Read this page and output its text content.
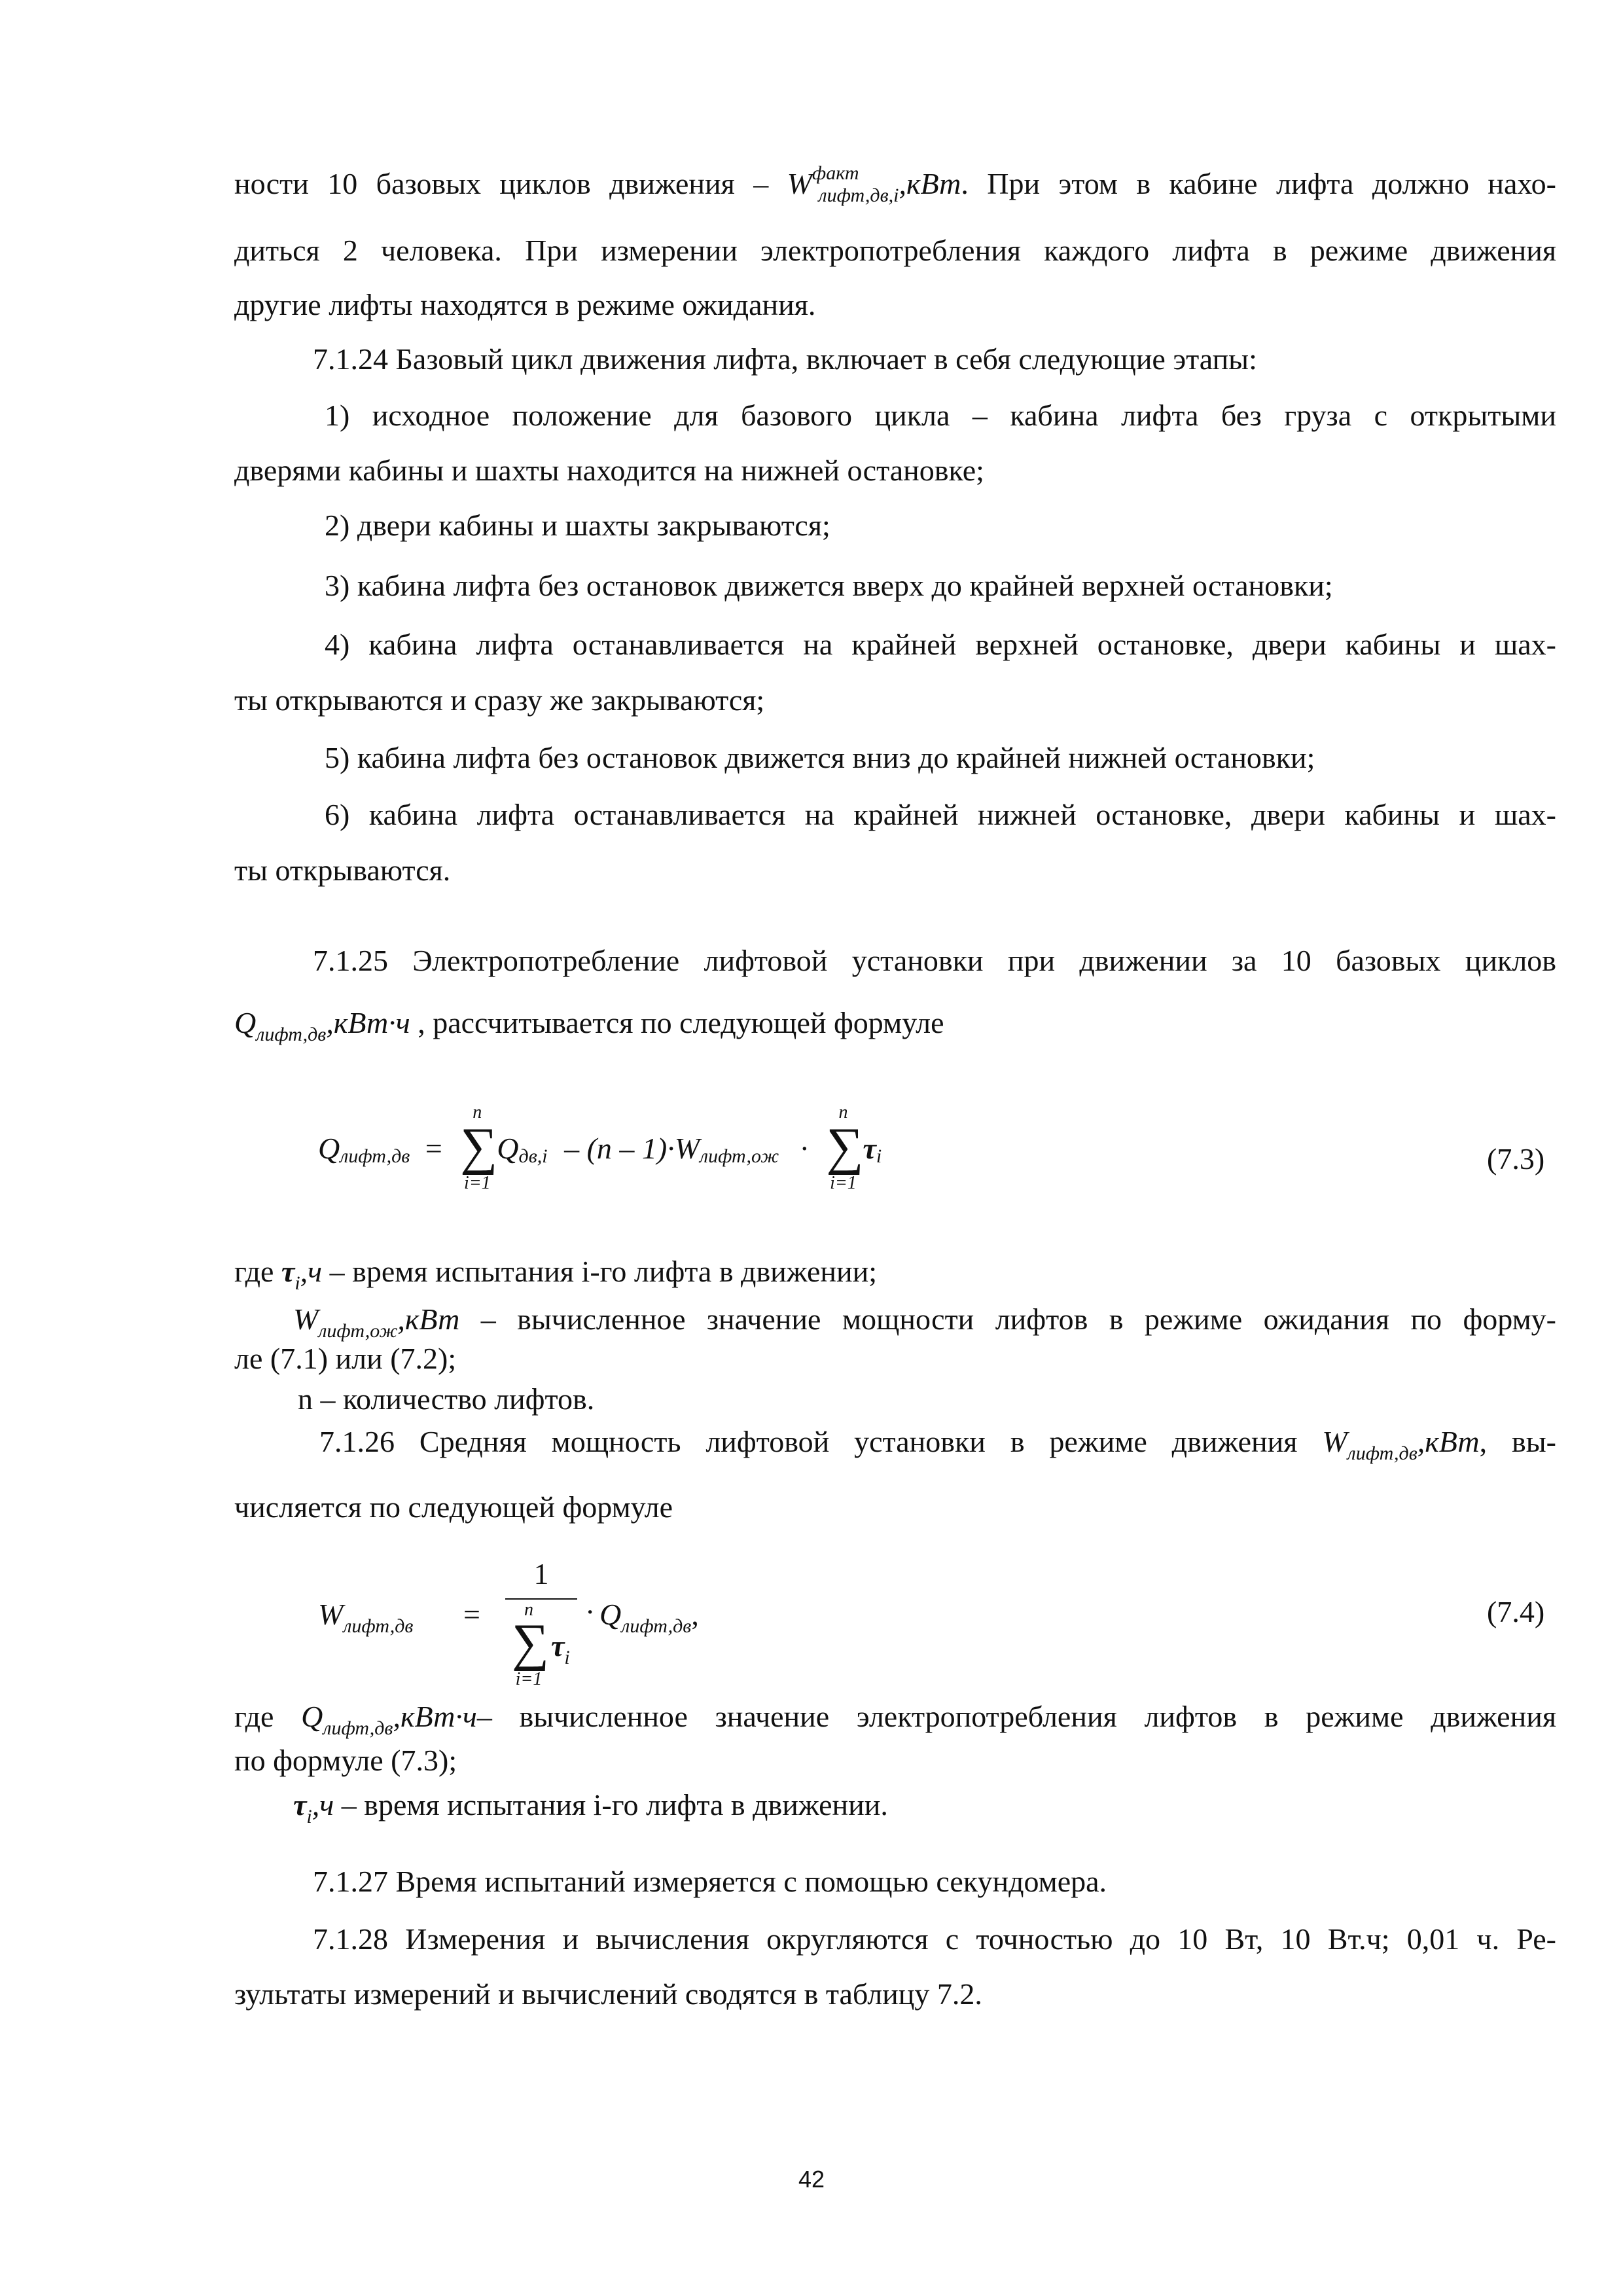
ности 10 базовых циклов движения – $W^{факт}_{лифт,дв,i},кВт$. При этом в кабине лифта должно нахо-
диться 2 человека. При измерении электропотребления каждого лифта в режиме движения
другие лифты находятся в режиме ожидания.
7.1.24 Базовый цикл движения лифта, включает в себя следующие этапы:
1) исходное положение для базового цикла – кабина лифта без груза с открытыми
дверями кабины и шахты находится на нижней остановке;
2) двери кабины и шахты закрываются;
3) кабина лифта без остановок движется вверх до крайней верхней остановки;
4) кабина лифта останавливается на крайней верхней остановке, двери кабины и шах-
ты открываются и сразу же закрываются;
5) кабина лифта без остановок движется вниз до крайней нижней остановки;
6) кабина лифта останавливается на крайней нижней остановке, двери кабины и шах-
ты открываются.
7.1.25 Электропотребление лифтовой установки при движении за 10 базовых циклов
$Q_{лифт,дв},кВт\cdot ч$ , рассчитывается по следующей формуле
$Q_{лифт,дв}$ =
n
∑
i=1
$Q_{дв,i} - (n - 1)\cdot W_{лифт,ож}$ ·
n
∑
i=1
$\tau_i$	(7.3)
где $\tau_i,ч$ – время испытания i-го лифта в движении;
$W_{лифт,ож},кВт$ – вычисленное значение мощности лифтов в режиме ожидания по форму-
ле (7.1) или (7.2);
n – количество лифтов.
7.1.26 Средняя мощность лифтовой установки в режиме движения $W_{лифт,дв},кВт$, вы-
числяется по следующей формуле
$W_{лифт,дв}$ =
1
n
∑
i=1
$\tau_i$
· $Q_{лифт,дв}$,	(7.4)
где $Q_{лифт,дв},кВт\cdot ч-$ вычисленное значение электропотребления лифтов в режиме движения
по формуле (7.3);
$\tau_i,ч$ – время испытания i-го лифта в движении.
7.1.27 Время испытаний измеряется с помощью секундомера.
7.1.28 Измерения и вычисления округляются с точностью до 10 Вт, 10 Вт.ч; 0,01 ч. Ре-
зультаты измерений и вычислений сводятся в таблицу 7.2.
42
